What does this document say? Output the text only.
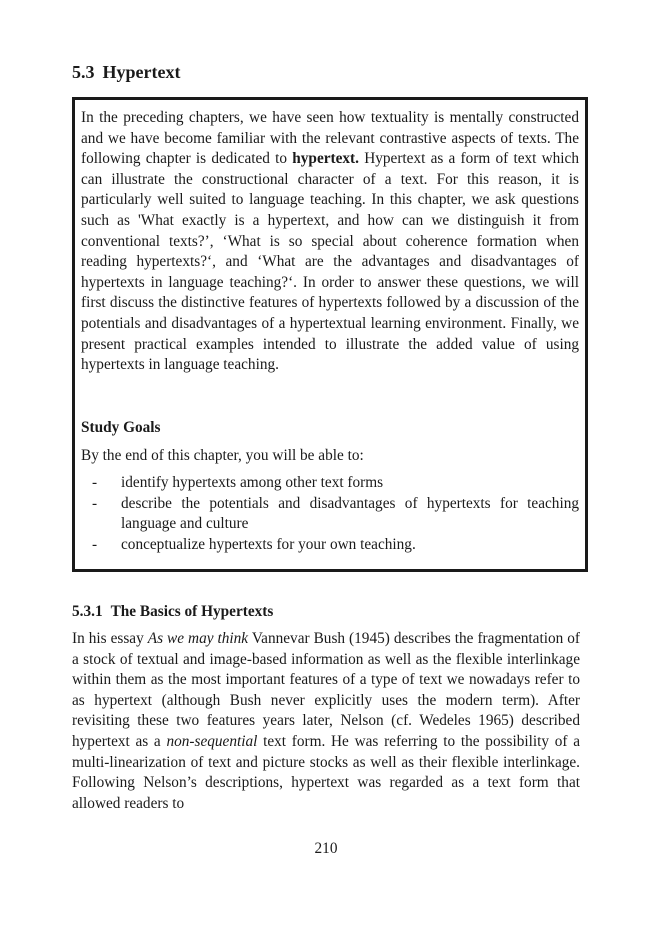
5.3 Hypertext

In the preceding chapters, we have seen how textuality is mentally constructed and we have become familiar with the relevant contrastive aspects of texts. The following chapter is dedicated to hypertext. Hypertext as a form of text which can illustrate the constructional character of a text. For this reason, it is particularly well suited to language teaching. In this chapter, we ask questions such as 'What exactly is a hypertext, and how can we distinguish it from conventional texts?’, ‘What is so special about coherence formation when reading hypertexts?‘, and ‘What are the advantages and disadvantages of hypertexts in language teaching?‘. In order to answer these questions, we will first discuss the distinctive features of hypertexts followed by a discussion of the potentials and disadvantages of a hypertextual learning environment. Finally, we present practical examples intended to illustrate the added value of using hypertexts in language teaching.

Study Goals

By the end of this chapter, you will be able to:

- identify hypertexts among other text forms
- describe the potentials and disadvantages of hypertexts for teaching language and culture
- conceptualize hypertexts for your own teaching.
5.3.1 The Basics of Hypertexts

In his essay As we may think Vannevar Bush (1945) describes the fragmentation of a stock of textual and image-based information as well as the flexible interlinkage within them as the most important features of a type of text we nowadays refer to as hypertext (although Bush never explicitly uses the modern term). After revisiting these two features years later, Nelson (cf. Wedeles 1965) described hypertext as a non-sequential text form. He was referring to the possibility of a multi-linearization of text and picture stocks as well as their flexible interlinkage. Following Nelson’s descriptions, hypertext was regarded as a text form that allowed readers to

210
